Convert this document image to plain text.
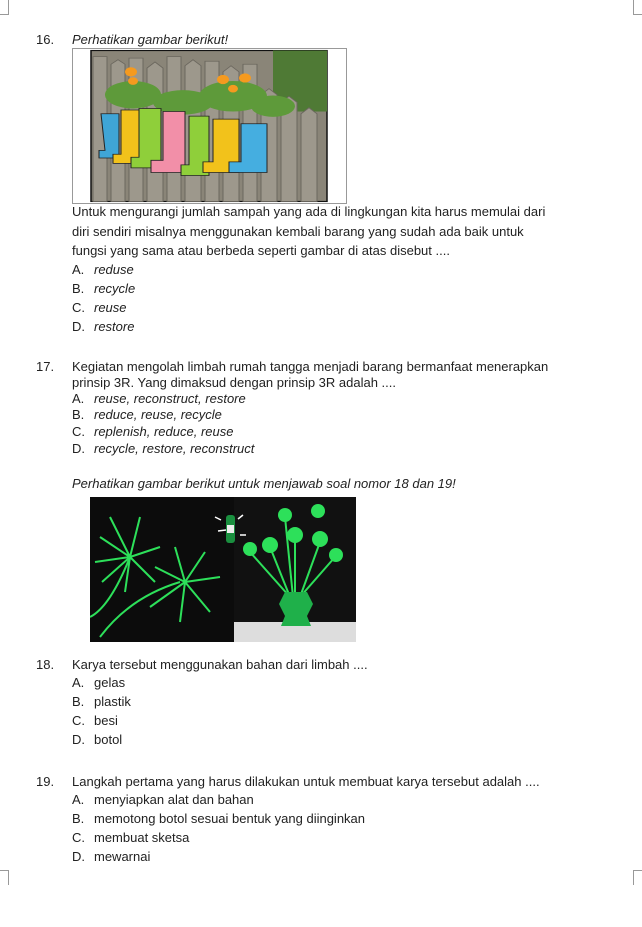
16. Perhatikan gambar berikut!
Untuk mengurangi jumlah sampah yang ada di lingkungan kita harus memulai dari
diri sendiri misalnya menggunakan kembali barang yang sudah ada baik untuk
fungsi yang sama atau berbeda seperti gambar di atas disebut ....
A. reduse
B. recycle
C. reuse
D. restore
17. Kegiatan mengolah limbah rumah tangga menjadi barang bermanfaat menerapkan
prinsip 3R. Yang dimaksud dengan prinsip 3R adalah ....
A. reuse, reconstruct, restore
B. reduce, reuse, recycle
C. replenish, reduce, reuse
D. recycle, restore, reconstruct
Perhatikan gambar berikut untuk menjawab soal nomor 18 dan 19!
18. Karya tersebut menggunakan bahan dari limbah ....
A. gelas
B. plastik
C. besi
D. botol
19. Langkah pertama yang harus dilakukan untuk membuat karya tersebut adalah ....
A. menyiapkan alat dan bahan
B. memotong botol sesuai bentuk yang diinginkan
C. membuat sketsa
D. mewarnai
